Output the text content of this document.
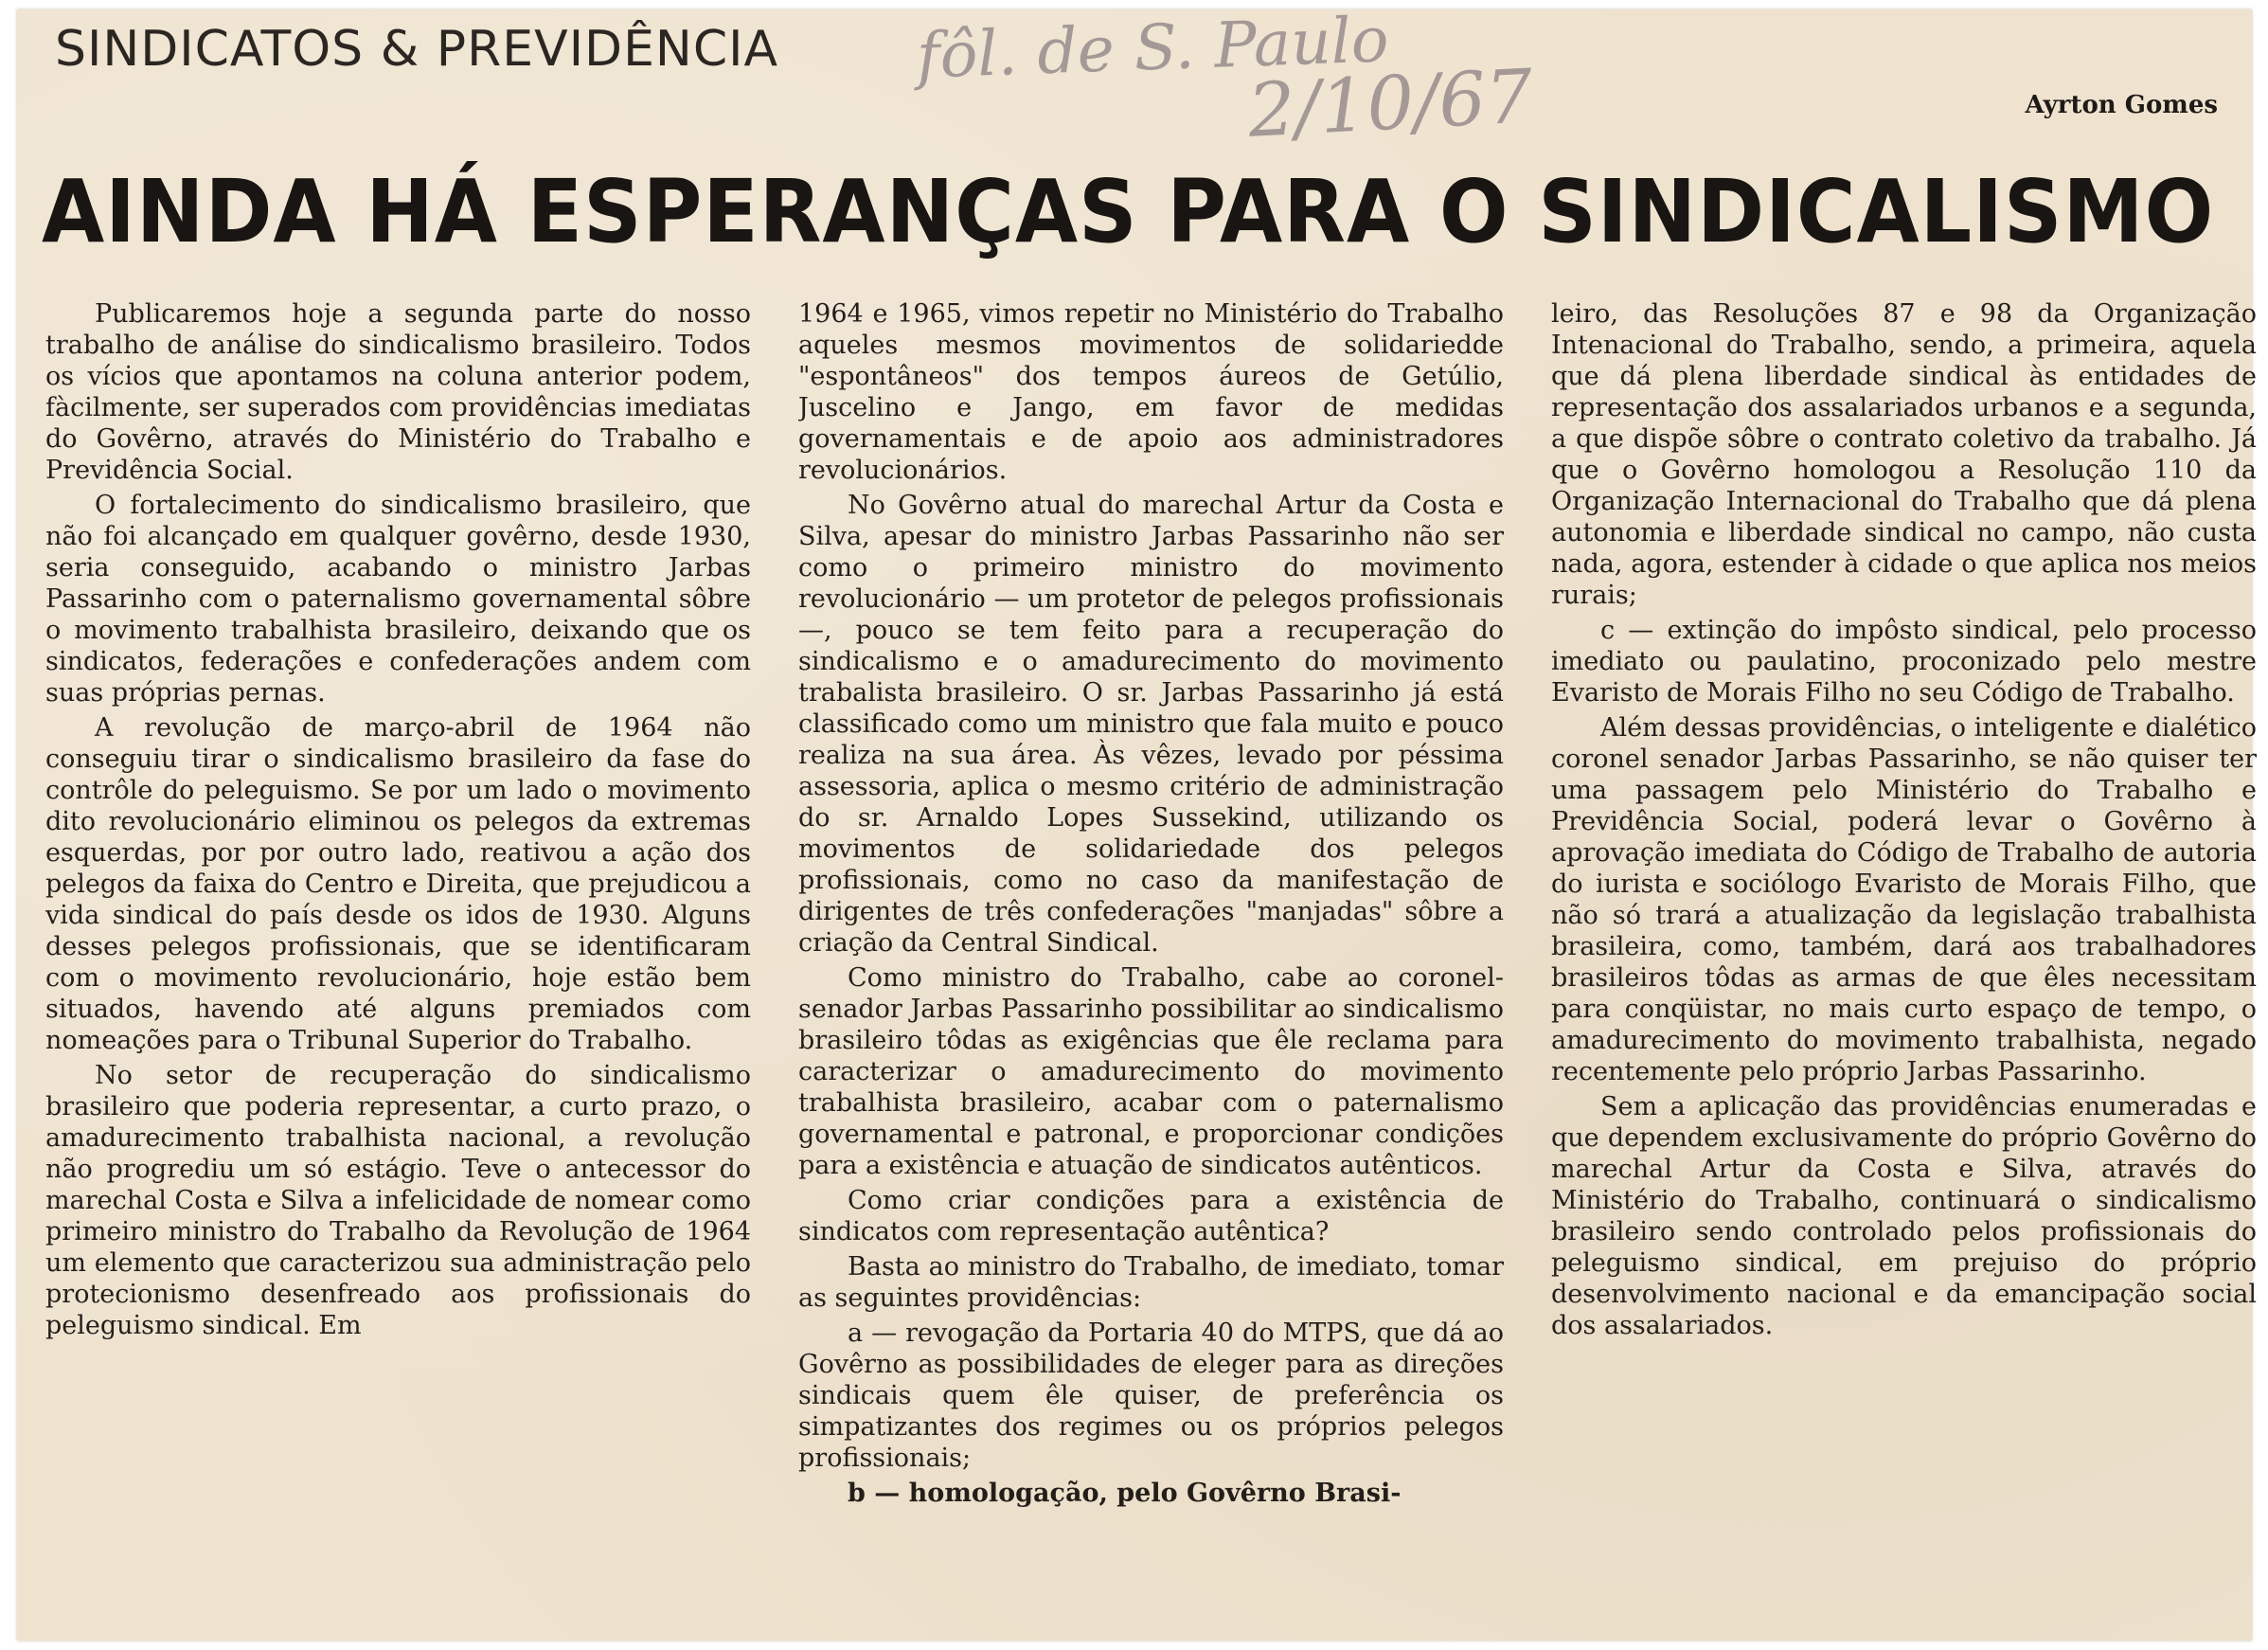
SINDICATOS & PREVIDÊNCIA fôl. de S. Paulo
2/10/67	Ayrton Gomes
AINDA HÁ ESPERANÇAS PARA O SINDICALISMO

Publicaremos hoje a segunda parte do nosso trabalho de análise do sindicalismo brasileiro. Todos os vícios que apontamos na coluna anterior podem, fàcilmente, ser superados com providências imediatas do Govêrno, através do Ministério do Trabalho e Previdência Social.

O fortalecimento do sindicalismo brasileiro, que não foi alcançado em qualquer govêrno, desde 1930, seria conseguido, acabando o ministro Jarbas Passarinho com o paternalismo governamental sôbre o movimento trabalhista brasileiro, deixando que os sindicatos, federações e confederações andem com suas próprias pernas.

A revolução de março-abril de 1964 não conseguiu tirar o sindicalismo brasileiro da fase do contrôle do peleguismo. Se por um lado o movimento dito revolucionário eliminou os pelegos da extremas esquerdas, por por outro lado, reativou a ação dos pelegos da faixa do Centro e Direita, que prejudicou a vida sindical do país desde os idos de 1930. Alguns desses pelegos profissionais, que se identificaram com o movimento revolucionário, hoje estão bem situados, havendo até alguns premiados com nomeações para o Tribunal Superior do Trabalho.

No setor de recuperação do sindicalismo brasileiro que poderia representar, a curto prazo, o amadurecimento trabalhista nacional, a revolução não progrediu um só estágio. Teve o antecessor do marechal Costa e Silva a infelicidade de nomear como primeiro ministro do Trabalho da Revolução de 1964 um elemento que caracterizou sua administração pelo protecionismo desenfreado aos profissionais do peleguismo sindical. Em

1964 e 1965, vimos repetir no Ministério do Trabalho aqueles mesmos movimentos de solidariedde "espontâneos" dos tempos áureos de Getúlio, Juscelino e Jango, em favor de medidas governamentais e de apoio aos administradores revolucionários.

No Govêrno atual do marechal Artur da Costa e Silva, apesar do ministro Jarbas Passarinho não ser como o primeiro ministro do movimento revolucionário — um protetor de pelegos profissionais —, pouco se tem feito para a recuperação do sindicalismo e o amadurecimento do movimento trabalista brasileiro. O sr. Jarbas Passarinho já está classificado como um ministro que fala muito e pouco realiza na sua área. Às vêzes, levado por péssima assessoria, aplica o mesmo critério de administração do sr. Arnaldo Lopes Sussekind, utilizando os movimentos de solidariedade dos pelegos profissionais, como no caso da manifestação de dirigentes de três confederações "manjadas" sôbre a criação da Central Sindical.

Como ministro do Trabalho, cabe ao coronel-senador Jarbas Passarinho possibilitar ao sindicalismo brasileiro tôdas as exigências que êle reclama para caracterizar o amadurecimento do movimento trabalhista brasileiro, acabar com o paternalismo governamental e patronal, e proporcionar condições para a existência e atuação de sindicatos autênticos.

Como criar condições para a existência de sindicatos com representação autêntica?

Basta ao ministro do Trabalho, de imediato, tomar as seguintes providências:

a — revogação da Portaria 40 do MTPS, que dá ao Govêrno as possibilidades de eleger para as direções sindicais quem êle quiser, de preferência os simpatizantes dos regimes ou os próprios pelegos profissionais;

b — homologação, pelo Govêrno Brasi-

leiro, das Resoluções 87 e 98 da Organização Intenacional do Trabalho, sendo, a primeira, aquela que dá plena liberdade sindical às entidades de representação dos assalariados urbanos e a segunda, a que dispõe sôbre o contrato coletivo da trabalho. Já que o Govêrno homologou a Resolução 110 da Organização Internacional do Trabalho que dá plena autonomia e liberdade sindical no campo, não custa nada, agora, estender à cidade o que aplica nos meios rurais;

c — extinção do impôsto sindical, pelo processo imediato ou paulatino, proconizado pelo mestre Evaristo de Morais Filho no seu Código de Trabalho.

Além dessas providências, o inteligente e dialético coronel senador Jarbas Passarinho, se não quiser ter uma passagem pelo Ministério do Trabalho e Previdência Social, poderá levar o Govêrno à aprovação imediata do Código de Trabalho de autoria do iurista e sociólogo Evaristo de Morais Filho, que não só trará a atualização da legislação trabalhista brasileira, como, também, dará aos trabalhadores brasileiros tôdas as armas de que êles necessitam para conqüistar, no mais curto espaço de tempo, o amadurecimento do movimento trabalhista, negado recentemente pelo próprio Jarbas Passarinho.

Sem a aplicação das providências enumeradas e que dependem exclusivamente do próprio Govêrno do marechal Artur da Costa e Silva, através do Ministério do Trabalho, continuará o sindicalismo brasileiro sendo controlado pelos profissionais do peleguismo sindical, em prejuiso do próprio desenvolvimento nacional e da emancipação social dos assalariados.
